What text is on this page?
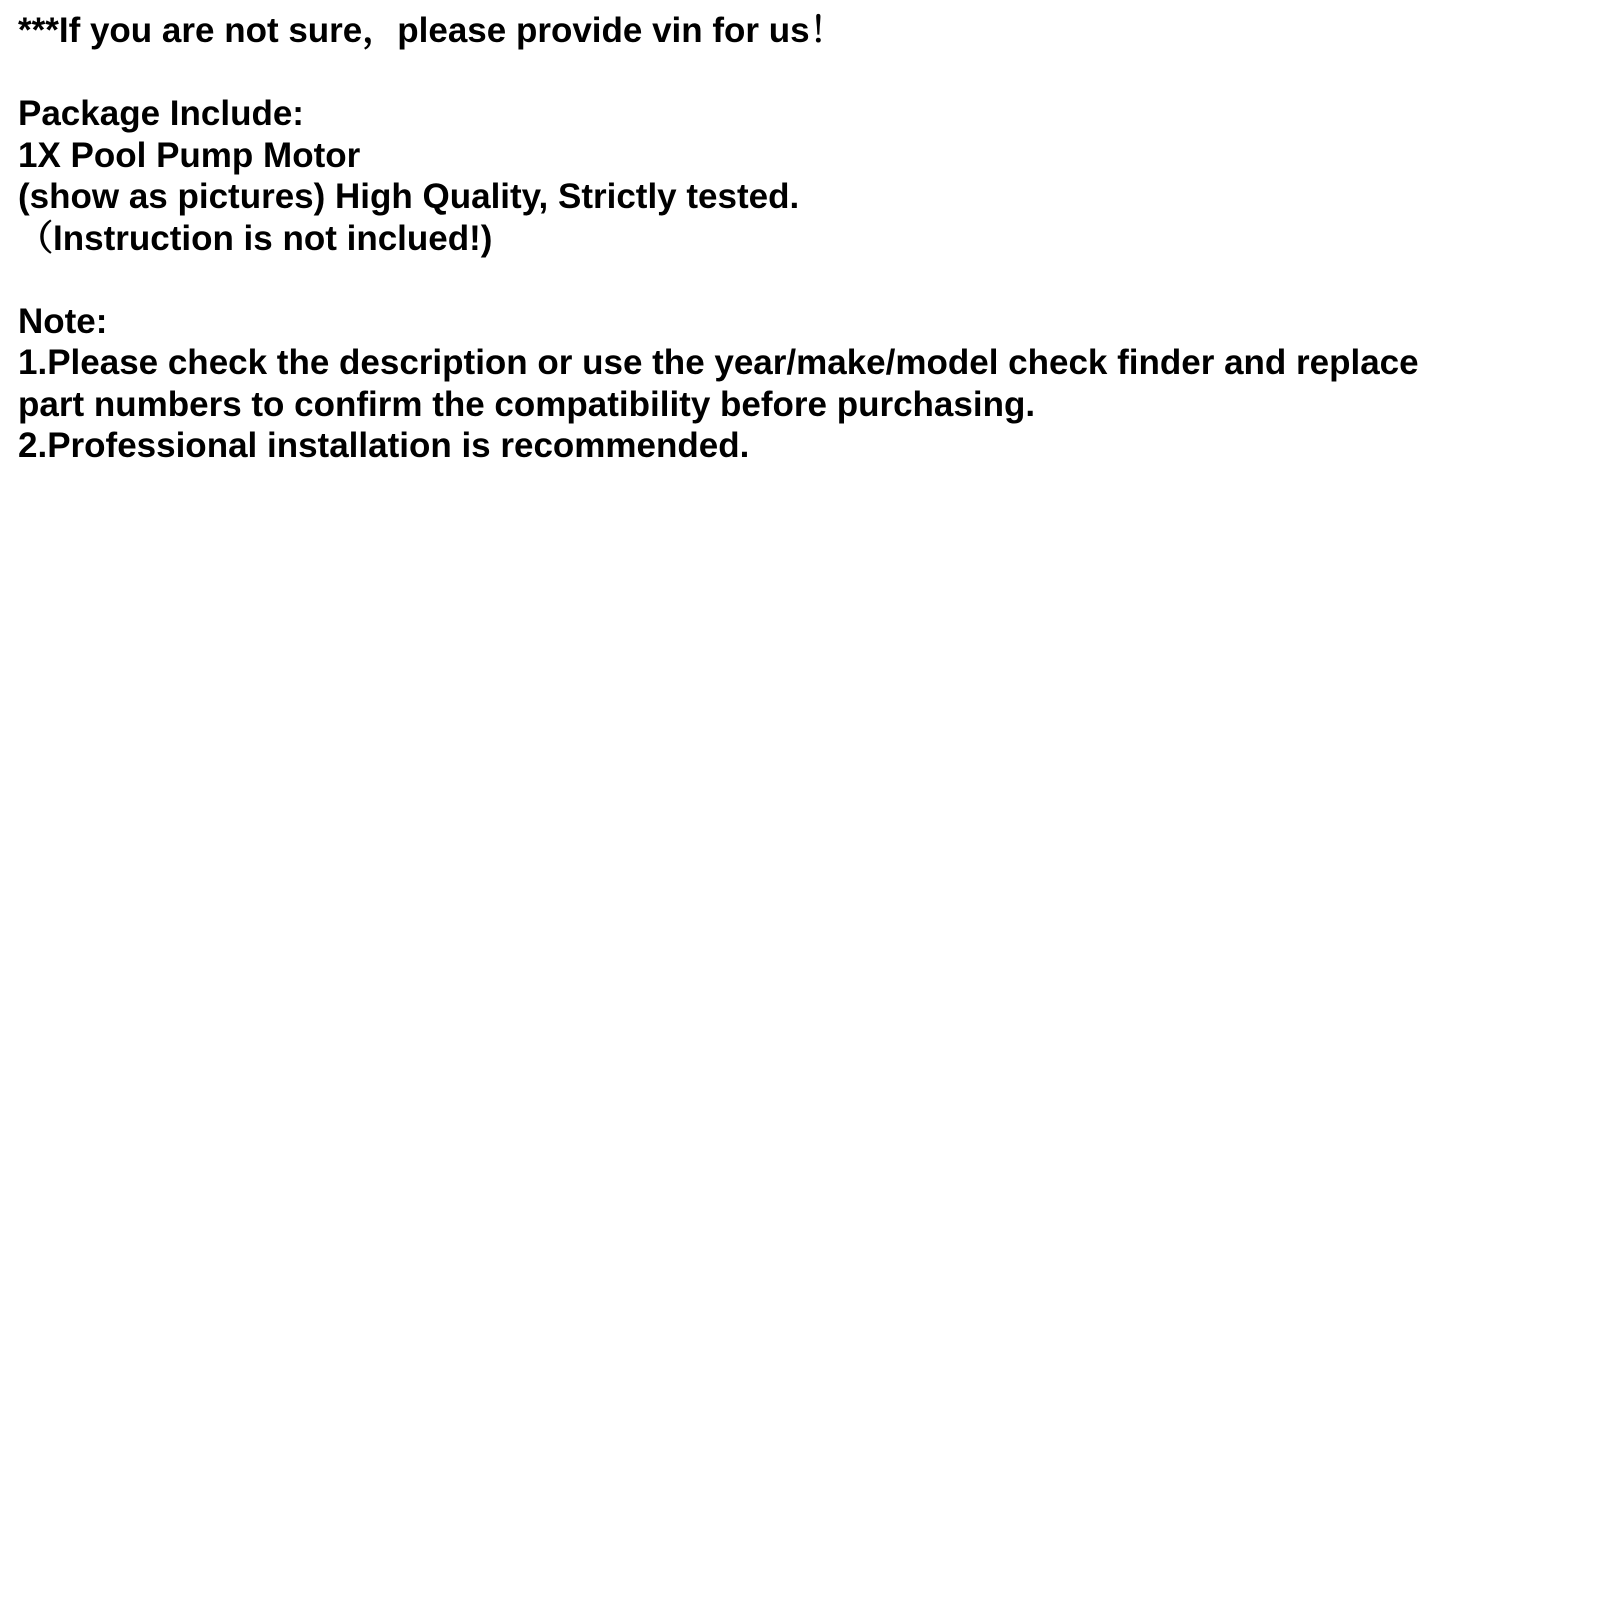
***If you are not sure，please provide vin for us！
Package Include:
1X Pool Pump Motor
(show as pictures) High Quality, Strictly tested.
（Instruction is not inclued!)
Note:
1.Please check the description or use the year/make/model check finder and replace
part numbers to confirm the compatibility before purchasing.
2.Professional installation is recommended.
